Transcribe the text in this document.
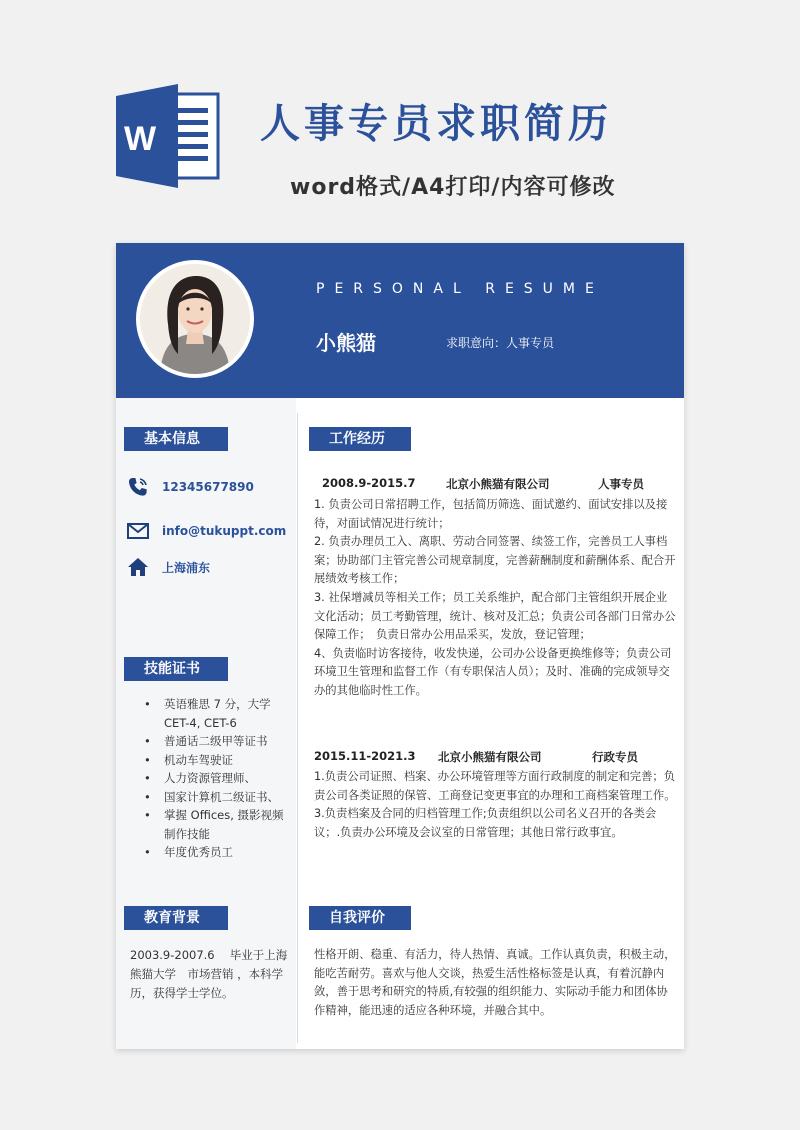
W	人事专员求职简历
word格式/A4打印/内容可修改
PERSONAL RESUME
小熊猫	求职意向：人事专员
基本信息
12345677890
info@tukuppt.com
上海浦东
技能证书
• 英语雅思 7 分，大学CET-4, CET-6
• 普通话二级甲等证书
• 机动车驾驶证
• 人力资源管理师、
• 国家计算机二级证书、
• 掌握 Offices, 摄影视频制作技能
• 年度优秀员工
教育背景
2003.9-2007.6　 毕业于上海熊猫大学　市场营销 ，本科学历，获得学士学位。
工作经历
2008.9-2015.7	北京小熊猫有限公司	人事专员

1. 负责公司日常招聘工作，包括简历筛选、面试邀约、面试安排以及接待，对面试情况进行统计；

2. 负责办理员工入、离职、劳动合同签署、续签工作，完善员工人事档案；协助部门主管完善公司规章制度，完善薪酬制度和薪酬体系、配合开展绩效考核工作；

3. 社保增减员等相关工作；员工关系维护，配合部门主管组织开展企业文化活动；员工考勤管理，统计、核对及汇总；负责公司各部门日常办公保障工作；　负责日常办公用品采买，发放，登记管理；

4、负责临时访客接待，收发快递，公司办公设备更换维修等；负责公司环境卫生管理和监督工作（有专职保洁人员）；及时、准确的完成领导交办的其他临时性工作。

2015.11-2021.3 北京小熊猫有限公司	行政专员

1.负责公司证照、档案、办公环境管理等方面行政制度的制定和完善；负责公司各类证照的保管、工商登记变更事宜的办理和工商档案管理工作。

3.负责档案及合同的归档管理工作;负责组织以公司名义召开的各类会议；.负责办公环境及会议室的日常管理；其他日常行政事宜。

自我评价
性格开朗、稳重、有活力，待人热情、真诚。工作认真负责，积极主动，能吃苦耐劳。喜欢与他人交谈，热爱生活性格标签是认真，有着沉静内敛，善于思考和研究的特质,有较强的组织能力、实际动手能力和团体协作精神，能迅速的适应各种环境，并融合其中。
